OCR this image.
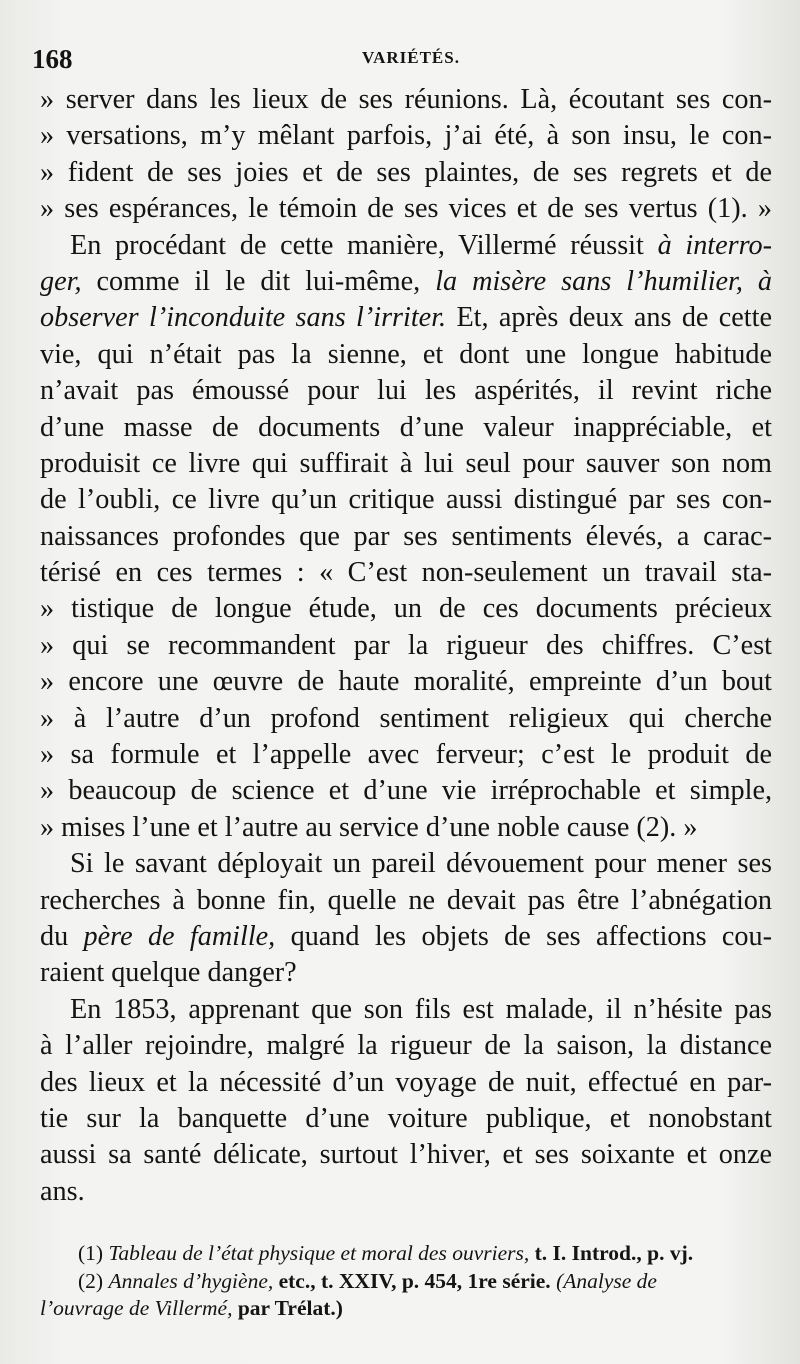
168	VARIÉTÉS.
» server dans les lieux de ses réunions. Là, écoutant ses con-
» versations, m’y mêlant parfois, j’ai été, à son insu, le con-
» fident de ses joies et de ses plaintes, de ses regrets et de
» ses espérances, le témoin de ses vices et de ses vertus (1). »
En procédant de cette manière, Villermé réussit à interro-
ger, comme il le dit lui-même, la misère sans l’humilier, à
observer l’inconduite sans l’irriter. Et, après deux ans de cette
vie, qui n’était pas la sienne, et dont une longue habitude
n’avait pas émoussé pour lui les aspérités, il revint riche
d’une masse de documents d’une valeur inappréciable, et
produisit ce livre qui suffirait à lui seul pour sauver son nom
de l’oubli, ce livre qu’un critique aussi distingué par ses con-
naissances profondes que par ses sentiments élevés, a carac-
térisé en ces termes : « C’est non-seulement un travail sta-
» tistique de longue étude, un de ces documents précieux
» qui se recommandent par la rigueur des chiffres. C’est
» encore une œuvre de haute moralité, empreinte d’un bout
» à l’autre d’un profond sentiment religieux qui cherche
» sa formule et l’appelle avec ferveur; c’est le produit de
» beaucoup de science et d’une vie irréprochable et simple,
» mises l’une et l’autre au service d’une noble cause (2). »
Si le savant déployait un pareil dévouement pour mener ses
recherches à bonne fin, quelle ne devait pas être l’abnégation
du père de famille, quand les objets de ses affections cou-
raient quelque danger?
En 1853, apprenant que son fils est malade, il n’hésite pas
à l’aller rejoindre, malgré la rigueur de la saison, la distance
des lieux et la nécessité d’un voyage de nuit, effectué en par-
tie sur la banquette d’une voiture publique, et nonobstant
aussi sa santé délicate, surtout l’hiver, et ses soixante et onze
ans.
(1) Tableau de l’état physique et moral des ouvriers, t. I. Introd., p. vj.
(2) Annales d’hygiène, etc., t. XXIV, p. 454, 1re série. (Analyse de
l’ouvrage de Villermé, par Trélat.)
